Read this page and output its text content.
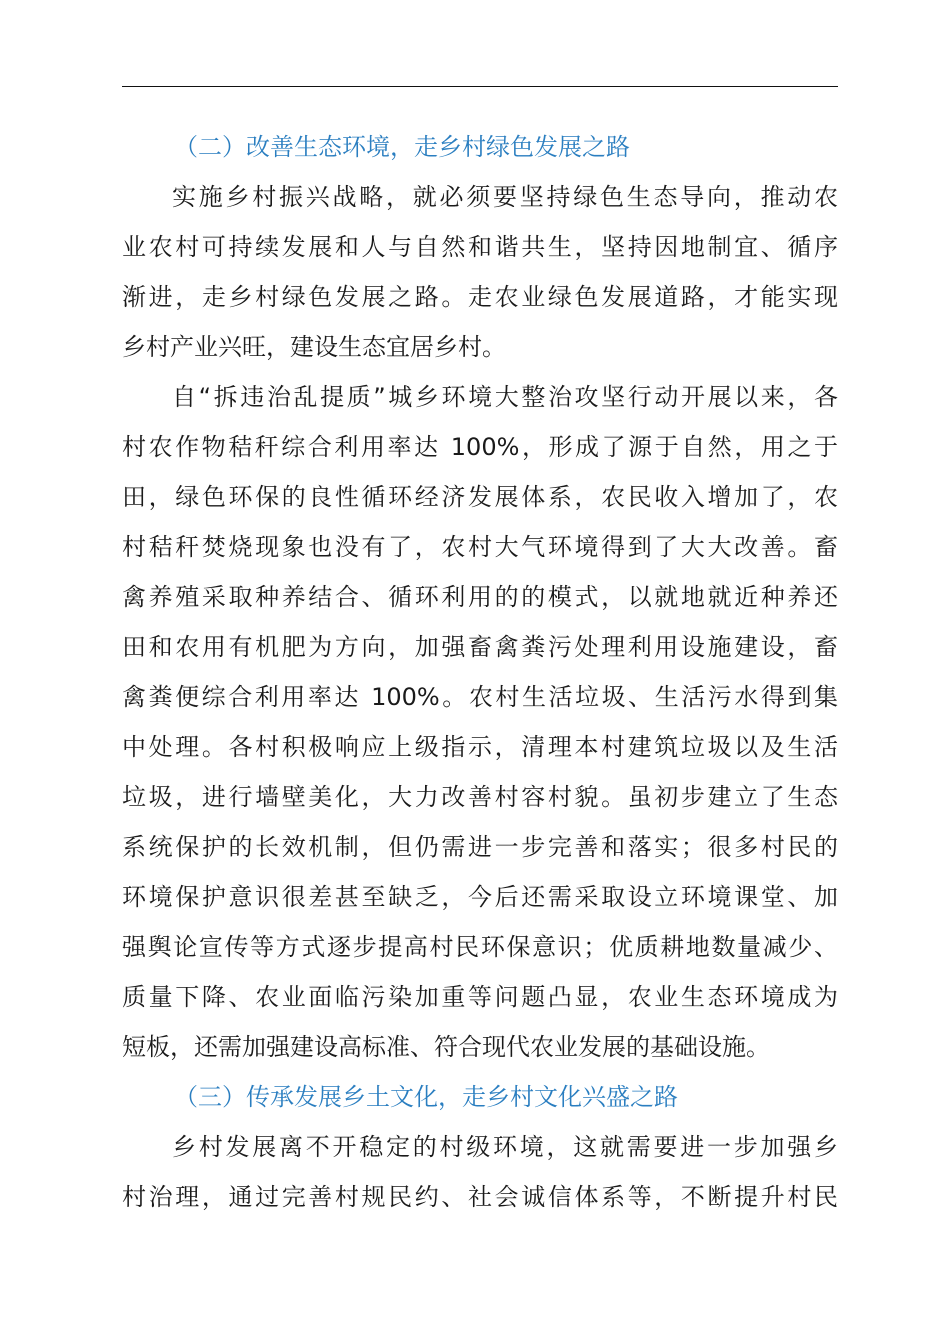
（二）改善生态环境，走乡村绿色发展之路
实施乡村振兴战略，就必须要坚持绿色生态导向，推动农
业农村可持续发展和人与自然和谐共生，坚持因地制宜、循序
渐进，走乡村绿色发展之路。走农业绿色发展道路，才能实现
乡村产业兴旺，建设生态宜居乡村。
自“拆违治乱提质”城乡环境大整治攻坚行动开展以来，各
村农作物秸秆综合利用率达 100%，形成了源于自然，用之于
田，绿色环保的良性循环经济发展体系，农民收入增加了，农
村秸秆焚烧现象也没有了，农村大气环境得到了大大改善。畜
禽养殖采取种养结合、循环利用的的模式，以就地就近种养还
田和农用有机肥为方向，加强畜禽粪污处理利用设施建设，畜
禽粪便综合利用率达 100%。农村生活垃圾、生活污水得到集
中处理。各村积极响应上级指示，清理本村建筑垃圾以及生活
垃圾，进行墙壁美化，大力改善村容村貌。虽初步建立了生态
系统保护的长效机制，但仍需进一步完善和落实；很多村民的
环境保护意识很差甚至缺乏，今后还需采取设立环境课堂、加
强舆论宣传等方式逐步提高村民环保意识；优质耕地数量减少、
质量下降、农业面临污染加重等问题凸显，农业生态环境成为
短板，还需加强建设高标准、符合现代农业发展的基础设施。
（三）传承发展乡土文化，走乡村文化兴盛之路
乡村发展离不开稳定的村级环境，这就需要进一步加强乡
村治理，通过完善村规民约、社会诚信体系等，不断提升村民
